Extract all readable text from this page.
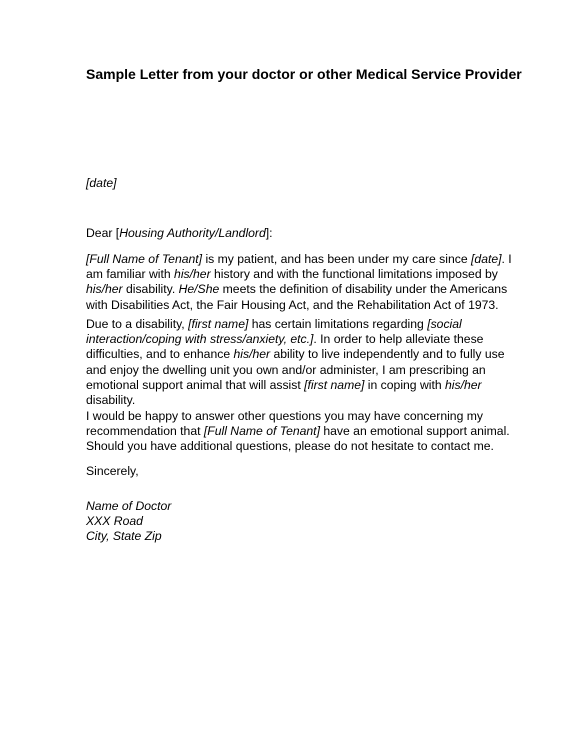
Sample Letter from your doctor or other Medical Service Provider
[date]
Dear [Housing Authority/Landlord]:
[Full Name of Tenant] is my patient, and has been under my care since [date]. I
am familiar with his/her history and with the functional limitations imposed by
his/her disability. He/She meets the definition of disability under the Americans
with Disabilities Act, the Fair Housing Act, and the Rehabilitation Act of 1973.
Due to a disability, [first name] has certain limitations regarding [social
interaction/coping with stress/anxiety, etc.]. In order to help alleviate these
difficulties, and to enhance his/her ability to live independently and to fully use
and enjoy the dwelling unit you own and/or administer, I am prescribing an
emotional support animal that will assist [first name] in coping with his/her
disability.
I would be happy to answer other questions you may have concerning my
recommendation that [Full Name of Tenant] have an emotional support animal.
Should you have additional questions, please do not hesitate to contact me.
Sincerely,
Name of Doctor
XXX Road
City, State Zip
